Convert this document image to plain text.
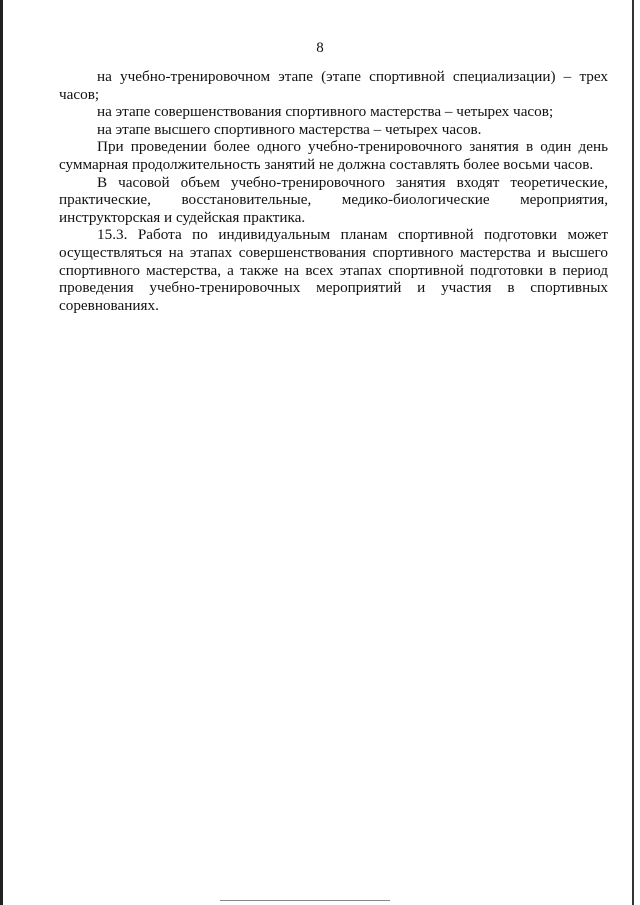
8

на учебно-тренировочном этапе (этапе спортивной специализации) – трех часов;

на этапе совершенствования спортивного мастерства – четырех часов;

на этапе высшего спортивного мастерства – четырех часов.

При проведении более одного учебно-тренировочного занятия в один день суммарная продолжительность занятий не должна составлять более восьми часов.

В часовой объем учебно-тренировочного занятия входят теоретические, практические, восстановительные, медико-биологические мероприятия, инструкторская и судейская практика.

15.3. Работа по индивидуальным планам спортивной подготовки может осуществляться на этапах совершенствования спортивного мастерства и высшего спортивного мастерства, а также на всех этапах спортивной подготовки в период проведения учебно-тренировочных мероприятий и участия в спортивных соревнованиях.
